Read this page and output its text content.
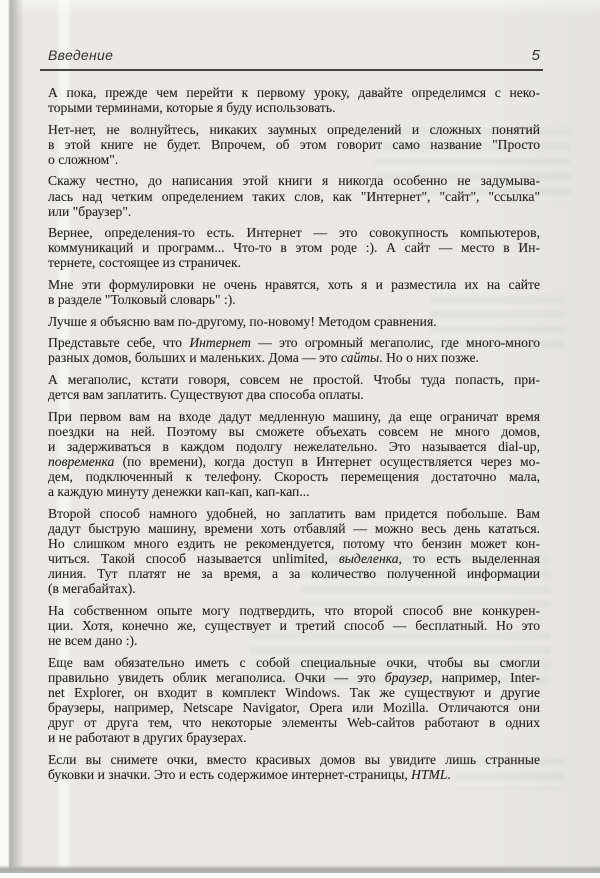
Введение	5
А пока, прежде чем перейти к первому уроку, давайте определимся с неко-
торыми терминами, которые я буду использовать.
Нет-нет, не волнуйтесь, никаких заумных определений и сложных понятий
в этой книге не будет. Впрочем, об этом говорит само название "Просто
о сложном".
Скажу честно, до написания этой книги я никогда особенно не задумыва-
лась над четким определением таких слов, как "Интернет", "сайт", "ссылка"
или "браузер".
Вернее, определения-то есть. Интернет — это совокупность компьютеров,
коммуникаций и программ... Что-то в этом роде :). А сайт — место в Ин-
тернете, состоящее из страничек.
Мне эти формулировки не очень нравятся, хоть я и разместила их на сайте
в разделе "Толковый словарь" :).
Лучше я объясню вам по-другому, по-новому! Методом сравнения.
Представьте себе, что Интернет — это огромный мегаполис, где много-много
разных домов, больших и маленьких. Дома — это сайты. Но о них позже.
А мегаполис, кстати говоря, совсем не простой. Чтобы туда попасть, при-
дется вам заплатить. Существуют два способа оплаты.
При первом вам на входе дадут медленную машину, да еще ограничат время
поездки на ней. Поэтому вы сможете объехать совсем не много домов,
и задерживаться в каждом подолгу нежелательно. Это называется dial-up,
повременка (по времени), когда доступ в Интернет осуществляется через мо-
дем, подключенный к телефону. Скорость перемещения достаточно мала,
а каждую минуту денежки кап-кап, кап-кап...
Второй способ намного удобней, но заплатить вам придется побольше. Вам
дадут быструю машину, времени хоть отбавляй — можно весь день кататься.
Но слишком много ездить не рекомендуется, потому что бензин может кон-
читься. Такой способ называется unlimited, выделенка, то есть выделенная
линия. Тут платят не за время, а за количество полученной информации
(в мегабайтах).
На собственном опыте могу подтвердить, что второй способ вне конкурен-
ции. Хотя, конечно же, существует и третий способ — бесплатный. Но это
не всем дано :).
Еще вам обязательно иметь с собой специальные очки, чтобы вы смогли
правильно увидеть облик мегаполиса. Очки — это браузер, например, Inter-
net Explorer, он входит в комплект Windows. Так же существуют и другие
браузеры, например, Netscape Navigator, Opera или Mozilla. Отличаются они
друг от друга тем, что некоторые элементы Web-сайтов работают в одних
и не работают в других браузерах.
Если вы снимете очки, вместо красивых домов вы увидите лишь странные
буковки и значки. Это и есть содержимое интернет-страницы, HTML.
